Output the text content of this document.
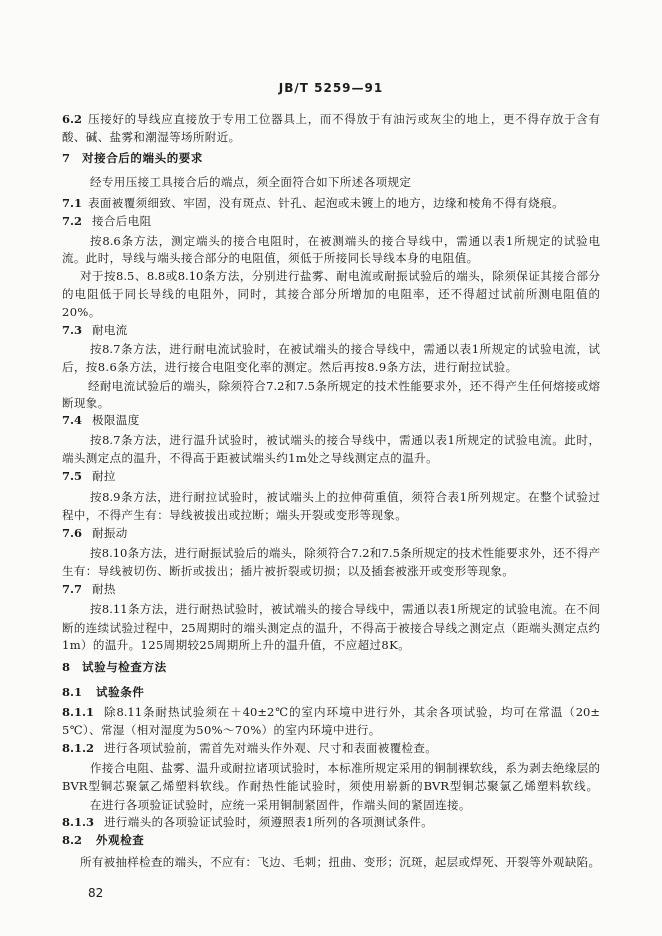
JB/T 5259—91
6.2 压接好的导线应直接放于专用工位器具上，而不得放于有油污或灰尘的地上，更不得存放于含有
酸、碱、盐雾和潮湿等场所附近。
7	对接合后的端头的要求
经专用压接工具接合后的端点，须全面符合如下所述各项规定
7.1 表面被覆须细致、牢固，没有斑点、针孔、起泡或未镀上的地方，边缘和棱角不得有烧痕。
7.2 接合后电阻
按8.6条方法，测定端头的接合电阻时，在被测端头的接合导线中，需通以表1所规定的试验电
流。此时，导线与端头接合部分的电阻值，须低于所接同长导线本身的电阻值。
对于按8.5、8.8或8.10条方法，分别进行盐雾、耐电流或耐振试验后的端头，除须保证其接合部分
的电阻低于同长导线的电阻外，同时，其接合部分所增加的电阻率，还不得超过试前所测电阻值的
20%。
7.3 耐电流
按8.7条方法，进行耐电流试验时，在被试端头的接合导线中，需通以表1所规定的试验电流，试
后，按8.6条方法，进行接合电阻变化率的测定。然后再按8.9条方法，进行耐拉试验。
经耐电流试验后的端头，除须符合7.2和7.5条所规定的技术性能要求外，还不得产生任何熔接或熔
断现象。
7.4 极限温度
按8.7条方法，进行温升试验时，被试端头的接合导线中，需通以表1所规定的试验电流。此时，
端头测定点的温升，不得高于距被试端头约1m处之导线测定点的温升。
7.5 耐拉
按8.9条方法，进行耐拉试验时，被试端头上的拉伸荷重值，须符合表1所列规定。在整个试验过
程中，不得产生有：导线被拔出或拉断；端头开裂或变形等现象。
7.6 耐振动
按8.10条方法，进行耐振试验后的端头，除须符合7.2和7.5条所规定的技术性能要求外，还不得产
生有：导线被切伤、断折或拔出；插片被折裂或切损；以及插套被涨开或变形等现象。
7.7 耐热
按8.11条方法，进行耐热试验时，被试端头的接合导线中，需通以表1所规定的试验电流。在不间
断的连续试验过程中，25周期时的端头测定点的温升，不得高于被接合导线之测定点（距端头测定点约
1m）的温升。125周期较25周期所上升的温升值，不应超过8K。
8	试验与检查方法
8.1	试验条件
8.1.1 除8.11条耐热试验须在＋40±2℃的室内环境中进行外，其余各项试验，均可在常温（20±
5℃）、常湿（相对湿度为50%～70%）的室内环境中进行。
8.1.2 进行各项试验前，需首先对端头作外观、尺寸和表面被覆检查。
作接合电阻、盐雾、温升或耐拉诸项试验时，本标准所规定采用的铜制裸软线，系为剥去绝缘层的
BVR型铜芯聚氯乙烯塑料软线。作耐热性能试验时，须使用崭新的BVR型铜芯聚氯乙烯塑料软线。
在进行各项验证试验时，应统一采用铜制紧固件，作端头间的紧固连接。
8.1.3 进行端头的各项验证试验时，须遵照表1所列的各项测试条件。
8.2	外观检查
所有被抽样检查的端头，不应有：飞边、毛刺；扭曲、变形；沉斑，起层或焊死、开裂等外观缺陷。
82
